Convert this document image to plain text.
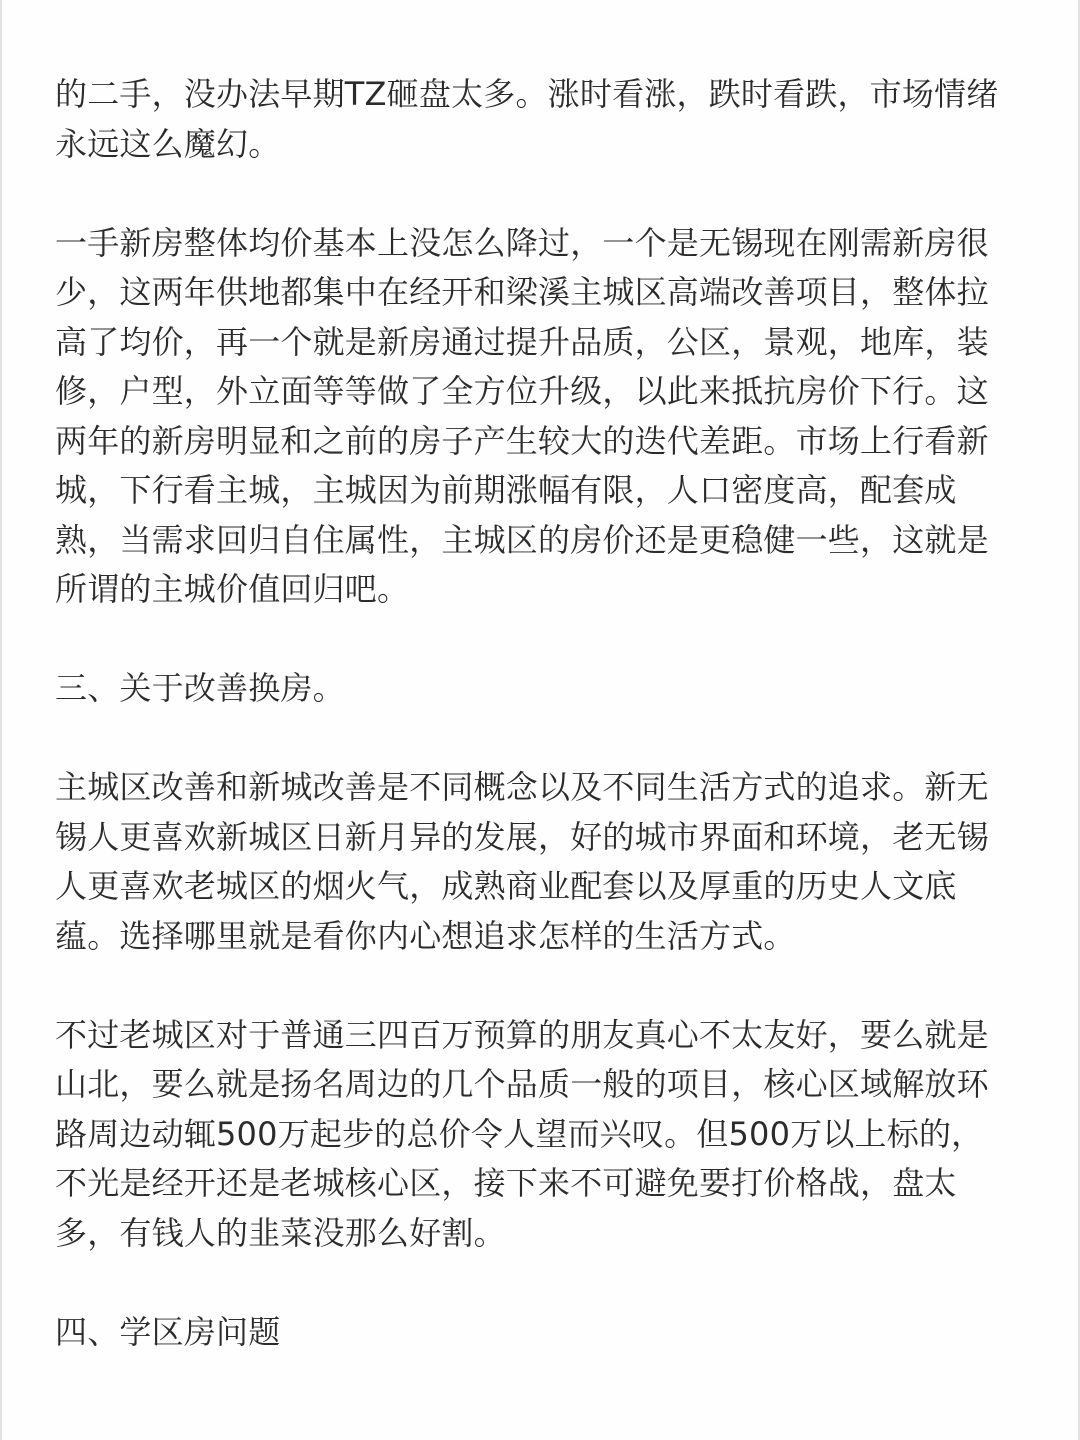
的二手，没办法早期TZ砸盘太多。涨时看涨，跌时看跌，市场情绪
永远这么魔幻。

一手新房整体均价基本上没怎么降过，一个是无锡现在刚需新房很
少，这两年供地都集中在经开和梁溪主城区高端改善项目，整体拉
高了均价，再一个就是新房通过提升品质，公区，景观，地库，装
修，户型，外立面等等做了全方位升级，以此来抵抗房价下行。这
两年的新房明显和之前的房子产生较大的迭代差距。市场上行看新
城，下行看主城，主城因为前期涨幅有限，人口密度高，配套成
熟，当需求回归自住属性，主城区的房价还是更稳健一些，这就是
所谓的主城价值回归吧。

三、关于改善换房。

主城区改善和新城改善是不同概念以及不同生活方式的追求。新无
锡人更喜欢新城区日新月异的发展，好的城市界面和环境，老无锡
人更喜欢老城区的烟火气，成熟商业配套以及厚重的历史人文底
蕴。选择哪里就是看你内心想追求怎样的生活方式。

不过老城区对于普通三四百万预算的朋友真心不太友好，要么就是
山北，要么就是扬名周边的几个品质一般的项目，核心区域解放环
路周边动辄500万起步的总价令人望而兴叹。但500万以上标的，
不光是经开还是老城核心区，接下来不可避免要打价格战，盘太
多，有钱人的韭菜没那么好割。

四、学区房问题
